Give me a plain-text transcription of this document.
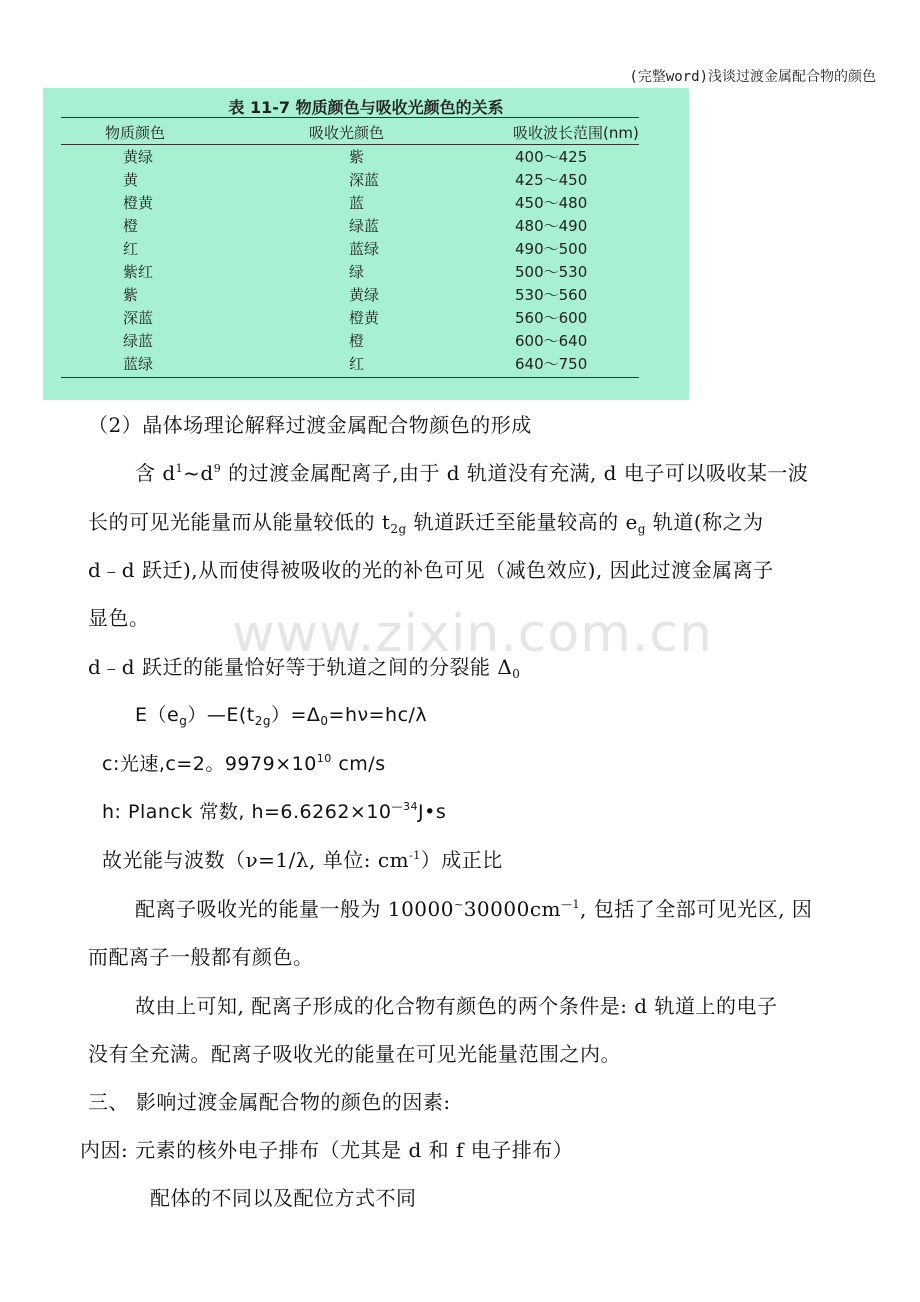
(完整word)浅谈过渡金属配合物的颜色
表 11-7 物质颜色与吸收光颜色的关系
物质颜色	吸收光颜色	吸收波长范围(nm)
黄绿	紫	400～425
黄	深蓝	425～450
橙黄	蓝	450～480
橙	绿蓝	480～490
红	蓝绿	490～500
紫红	绿	500～530
紫	黄绿	530～560
深蓝	橙黄	560～600
绿蓝	橙	600～640
蓝绿	红	640～750
www.zixin.com.cn
（2）晶体场理论解释过渡金属配合物颜色的形成
含 $d^1\sim d^9$ 的过渡金属配离子,由于 d 轨道没有充满, d 电子可以吸收某一波
长的可见光能量而从能量较低的 $t_{2g}$ 轨道跃迁至能量较高的 $e_g$ 轨道(称之为
d﹣d 跃迁),从而使得被吸收的光的补色可见（减色效应), 因此过渡金属离子
显色。
d﹣d 跃迁的能量恰好等于轨道之间的分裂能 $\Delta_0$
$E(e_g)—E(t_{2g})=\Delta_0=h\nu=hc/\lambda$
c:光速,c=2。$9979\times 10^{10}$ cm/s
h: Planck 常数, $h=6.6262\times 10^{—34}J•s$
故光能与波数（ν=1/λ, 单位: $cm^{-1}$）成正比
配离子吸收光的能量一般为 $10000^\sim 30000cm^{—1}$, 包括了全部可见光区, 因
而配离子一般都有颜色。
故由上可知, 配离子形成的化合物有颜色的两个条件是: d 轨道上的电子
没有全充满。配离子吸收光的能量在可见光能量范围之内。
三、 影响过渡金属配合物的颜色的因素:
内因: 元素的核外电子排布（尤其是 d 和 f 电子排布）
配体的不同以及配位方式不同
